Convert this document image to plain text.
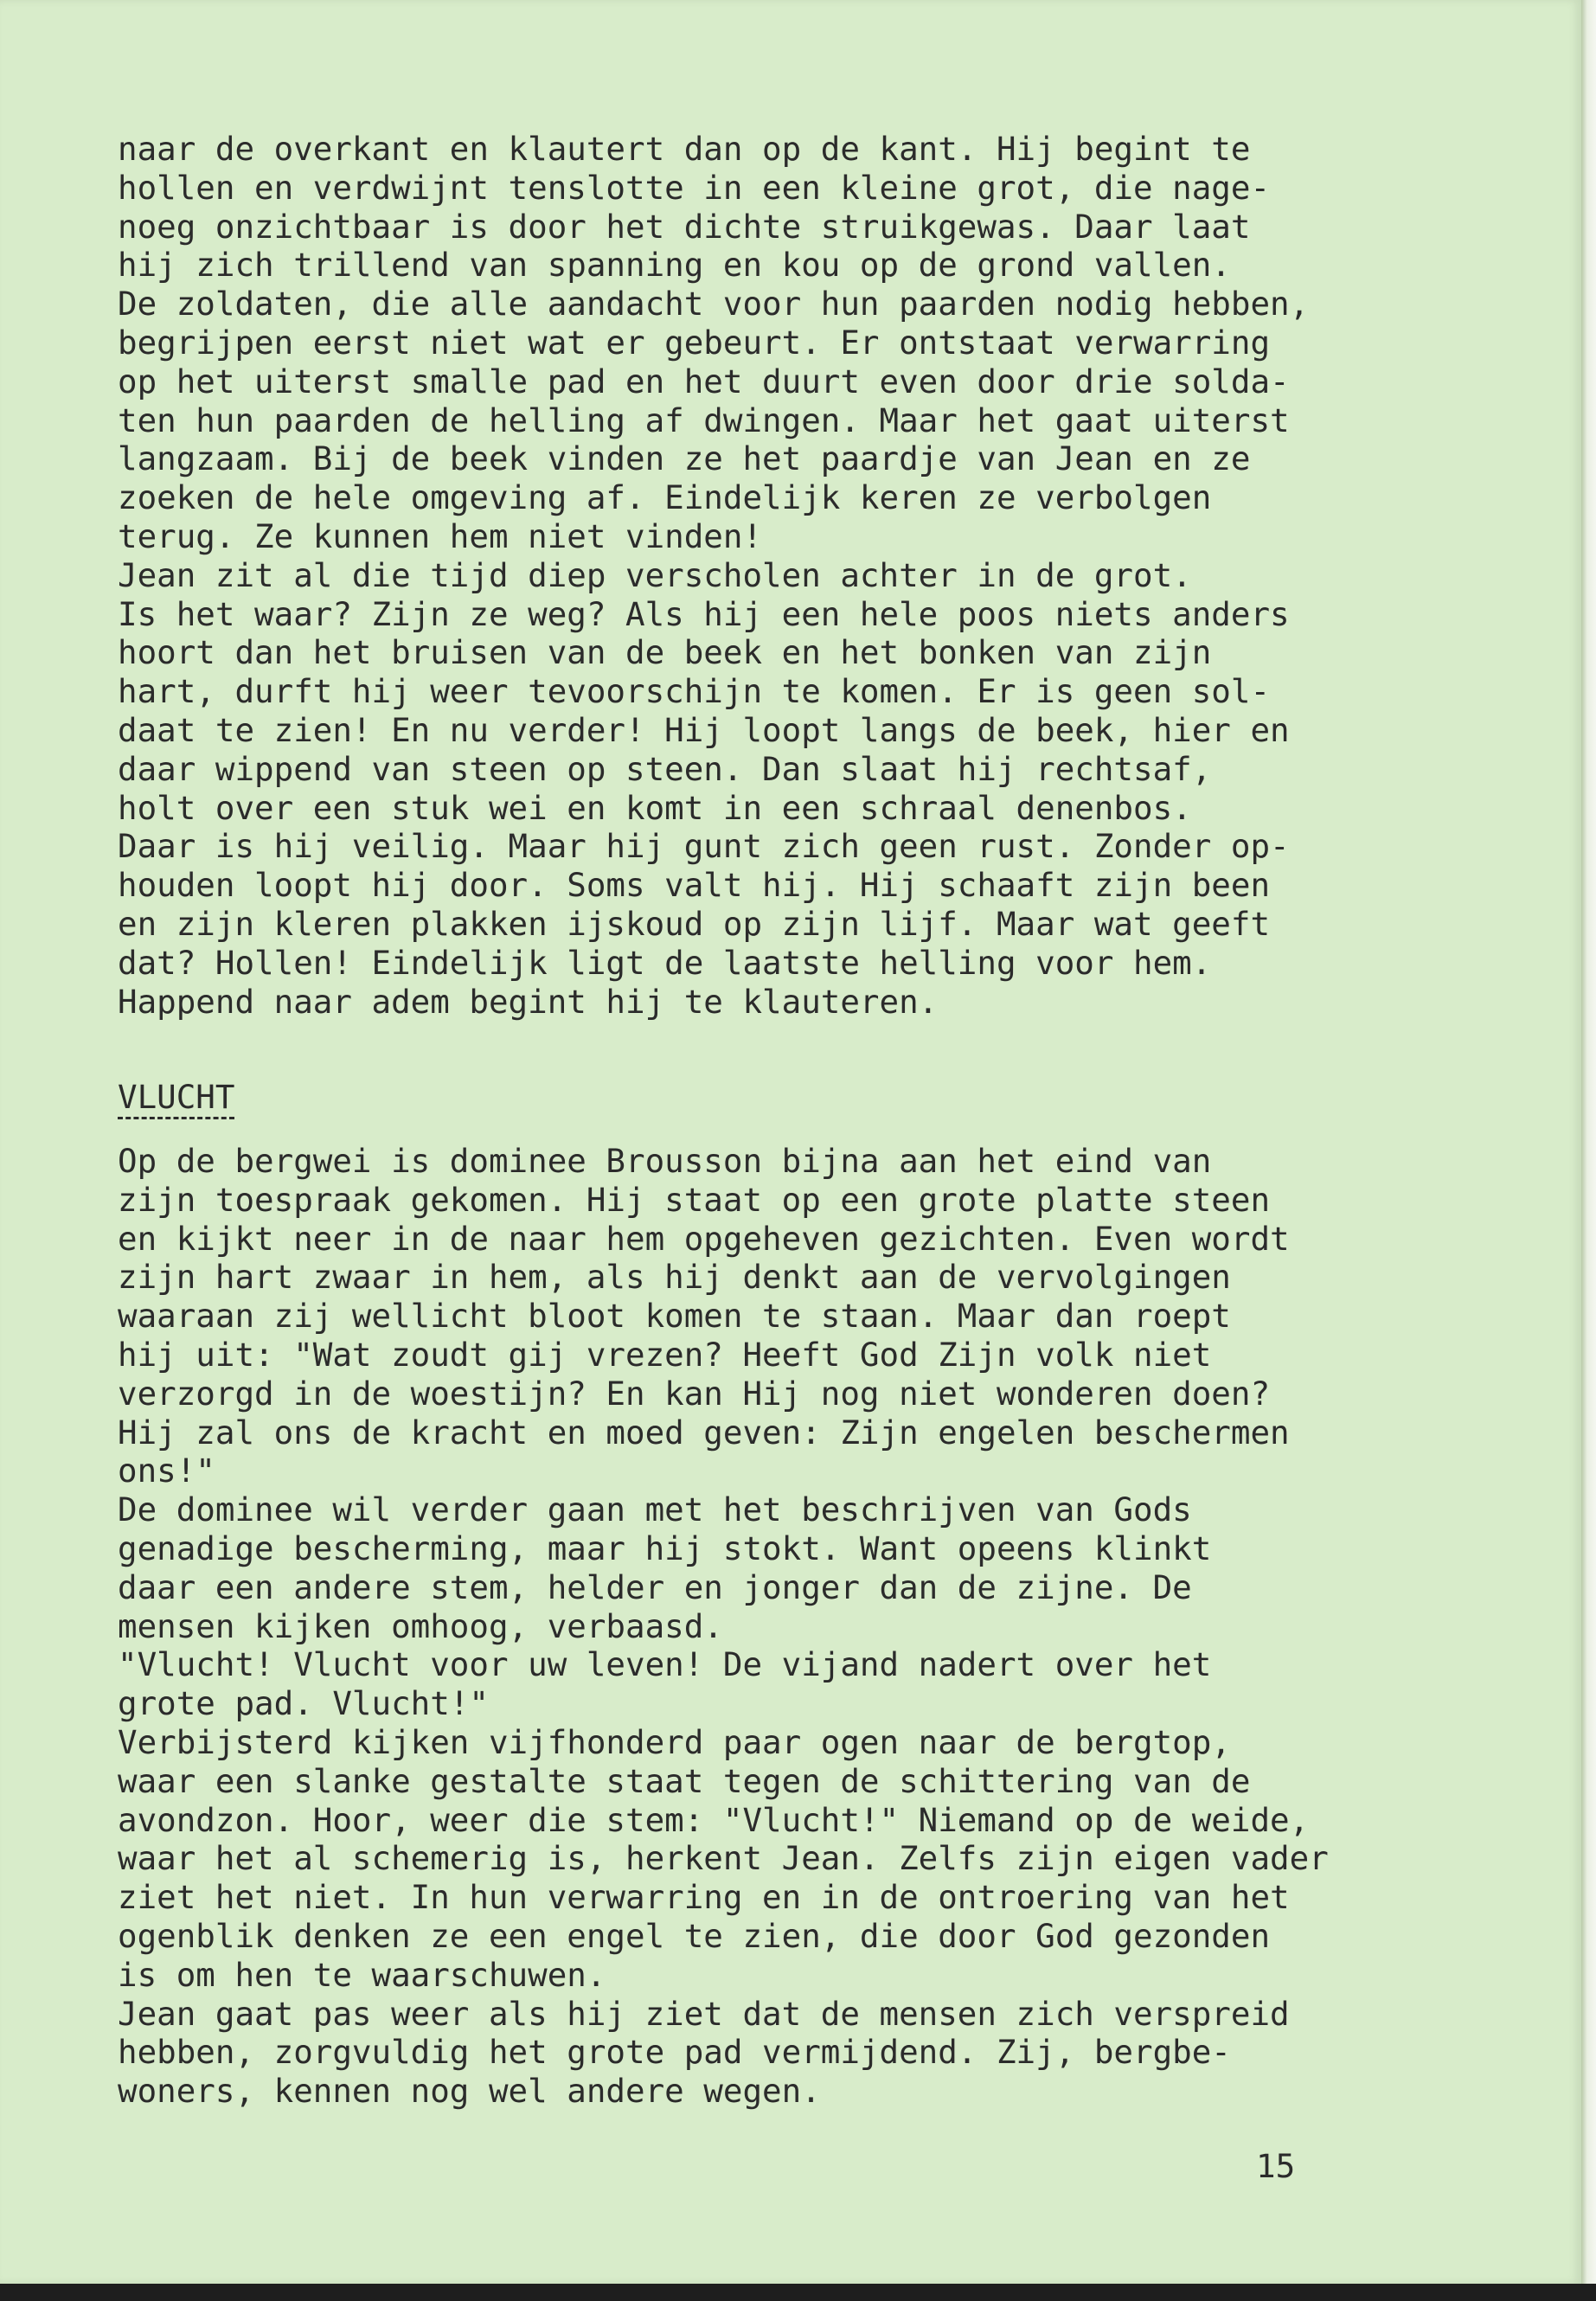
naar de overkant en klautert dan op de kant. Hij begint te
hollen en verdwijnt tenslotte in een kleine grot, die nage-
noeg onzichtbaar is door het dichte struikgewas. Daar laat
hij zich trillend van spanning en kou op de grond vallen.
De zoldaten, die alle aandacht voor hun paarden nodig hebben,
begrijpen eerst niet wat er gebeurt. Er ontstaat verwarring
op het uiterst smalle pad en het duurt even door drie solda-
ten hun paarden de helling af dwingen. Maar het gaat uiterst
langzaam. Bij de beek vinden ze het paardje van Jean en ze
zoeken de hele omgeving af. Eindelijk keren ze verbolgen
terug. Ze kunnen hem niet vinden!
Jean zit al die tijd diep verscholen achter in de grot.
Is het waar? Zijn ze weg? Als hij een hele poos niets anders
hoort dan het bruisen van de beek en het bonken van zijn
hart, durft hij weer tevoorschijn te komen. Er is geen sol-
daat te zien! En nu verder! Hij loopt langs de beek, hier en
daar wippend van steen op steen. Dan slaat hij rechtsaf,
holt over een stuk wei en komt in een schraal denenbos.
Daar is hij veilig. Maar hij gunt zich geen rust. Zonder op-
houden loopt hij door. Soms valt hij. Hij schaaft zijn been
en zijn kleren plakken ijskoud op zijn lijf. Maar wat geeft
dat? Hollen! Eindelijk ligt de laatste helling voor hem.
Happend naar adem begint hij te klauteren.
VLUCHT
Op de bergwei is dominee Brousson bijna aan het eind van
zijn toespraak gekomen. Hij staat op een grote platte steen
en kijkt neer in de naar hem opgeheven gezichten. Even wordt
zijn hart zwaar in hem, als hij denkt aan de vervolgingen
waaraan zij wellicht bloot komen te staan. Maar dan roept
hij uit: "Wat zoudt gij vrezen? Heeft God Zijn volk niet
verzorgd in de woestijn? En kan Hij nog niet wonderen doen?
Hij zal ons de kracht en moed geven: Zijn engelen beschermen
ons!"
De dominee wil verder gaan met het beschrijven van Gods
genadige bescherming, maar hij stokt. Want opeens klinkt
daar een andere stem, helder en jonger dan de zijne. De
mensen kijken omhoog, verbaasd.
"Vlucht! Vlucht voor uw leven! De vijand nadert over het
grote pad. Vlucht!"
Verbijsterd kijken vijfhonderd paar ogen naar de bergtop,
waar een slanke gestalte staat tegen de schittering van de
avondzon. Hoor, weer die stem: "Vlucht!" Niemand op de weide,
waar het al schemerig is, herkent Jean. Zelfs zijn eigen vader
ziet het niet. In hun verwarring en in de ontroering van het
ogenblik denken ze een engel te zien, die door God gezonden
is om hen te waarschuwen.
Jean gaat pas weer als hij ziet dat de mensen zich verspreid
hebben, zorgvuldig het grote pad vermijdend. Zij, bergbe-
woners, kennen nog wel andere wegen.
15
